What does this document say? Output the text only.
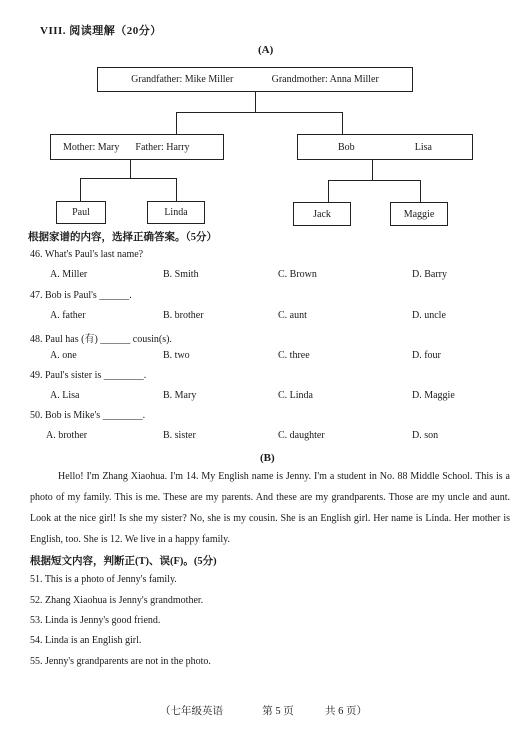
VIII. 阅读理解（20分）
(A)
Grandfather: Mike Miller	Grandmother: Anna Miller
Mother: Mary Father: Harry	Bob	Lisa
Paul	Linda	Jack	Maggie
根据家谱的内容，选择正确答案。（5分）
46. What's Paul's last name?
A. Miller	B. Smith	C. Brown	D. Barry
47. Bob is Paul's ______.
A. father	B. brother	C. aunt	D. uncle
48. Paul has (有) ______ cousin(s).
A. one	B. two	C. three	D. four
49. Paul's sister is ________.
A. Lisa	B. Mary	C. Linda	D. Maggie
50. Bob is Mike's ________.
A. brother	B. sister	C. daughter	D. son
(B)
Hello! I'm Zhang Xiaohua. I'm 14. My English name is Jenny. I'm a student in No. 88 Middle School. This is a photo of my family. This is me. These are my parents. And these are my grandparents. Those are my uncle and aunt. Look at the nice girl! Is she my sister? No, she is my cousin. She is an English girl. Her name is Linda. Her mother is English, too. She is 12. We live in a happy family.
根据短文内容，判断正(T)、误(F)。(5分)
51. This is a photo of Jenny's family.
52. Zhang Xiaohua is Jenny's grandmother.
53. Linda is Jenny's good friend.
54. Linda is an English girl.
55. Jenny's grandparents are not in the photo.
（七年级英语	第 5 页	共 6 页）
